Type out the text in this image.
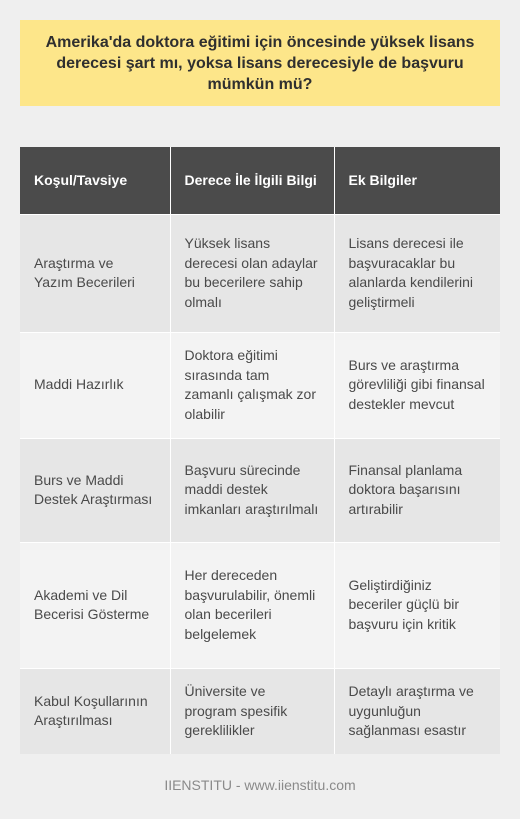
Amerika'da doktora eğitimi için öncesinde yüksek lisans derecesi şart mı, yoksa lisans derecesiyle de başvuru mümkün mü?
Koşul/Tavsiye	Derece İle İlgili Bilgi	Ek Bilgiler

Araştırma ve Yazım Becerileri	Yüksek lisans derecesi olan adaylar bu becerilere sahip olmalı	Lisans derecesi ile başvuracaklar bu alanlarda kendilerini geliştirmeli

Maddi Hazırlık	Doktora eğitimi sırasında tam zamanlı çalışmak zor olabilir	Burs ve araştırma görevliliği gibi finansal destekler mevcut

Burs ve Maddi Destek Araştırması	Başvuru sürecinde maddi destek imkanları araştırılmalı	Finansal planlama doktora başarısını artırabilir

Akademi ve Dil Becerisi Gösterme	Her dereceden başvurulabilir, önemli olan becerileri belgelemek	Geliştirdiğiniz beceriler güçlü bir başvuru için kritik

Kabul Koşullarının Araştırılması	Üniversite ve program spesifik gereklilikler	Detaylı araştırma ve uygunluğun sağlanması esastır
IIENSTITU - www.iienstitu.com
